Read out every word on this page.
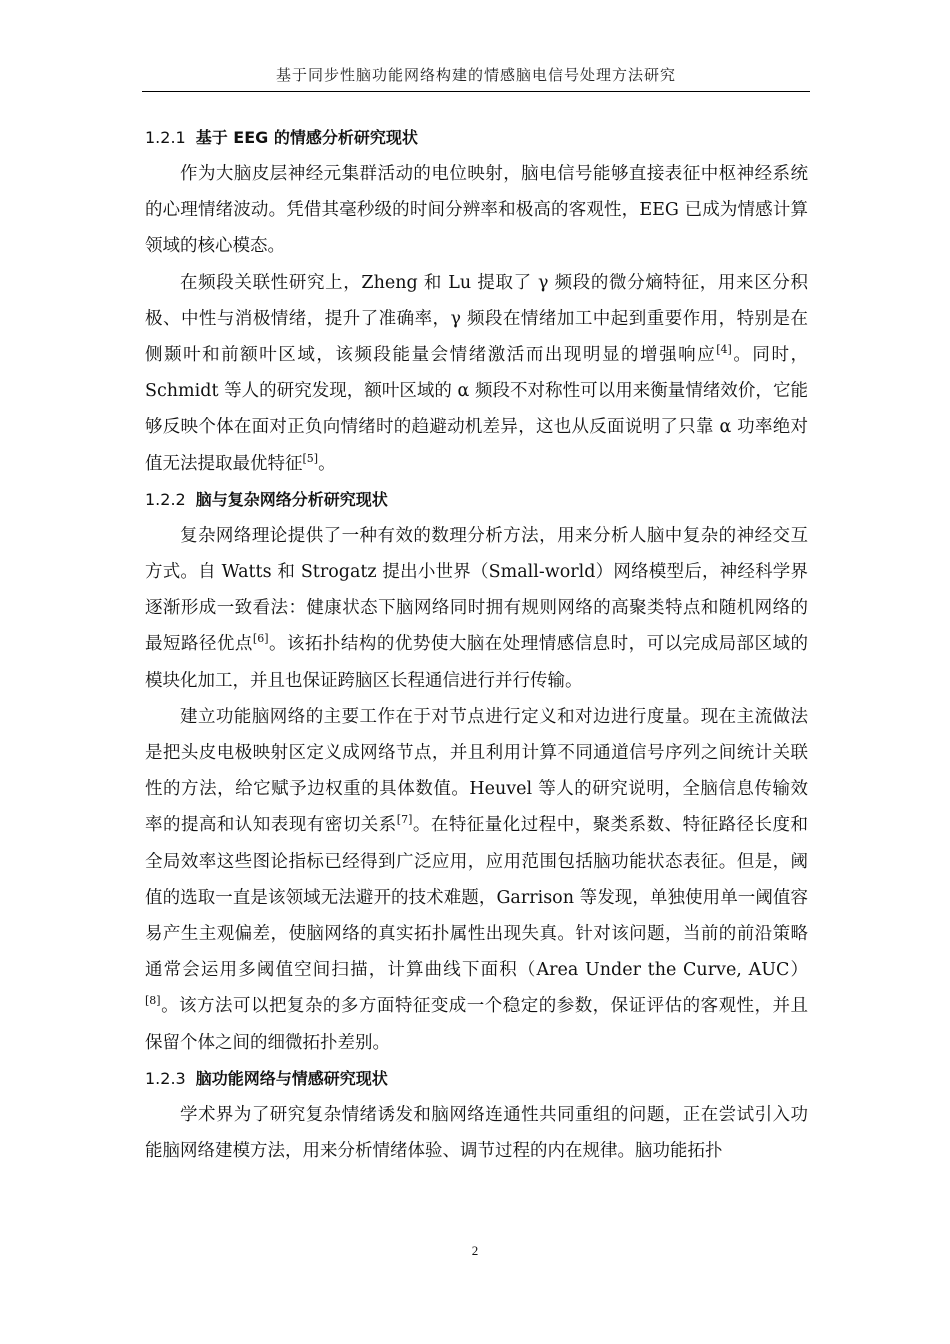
基于同步性脑功能网络构建的情感脑电信号处理方法研究
1.2.1 基于 EEG 的情感分析研究现状

作为大脑皮层神经元集群活动的电位映射，脑电信号能够直接表征中枢神经系统的心理情绪波动。凭借其毫秒级的时间分辨率和极高的客观性，EEG 已成为情感计算领域的核心模态。

在频段关联性研究上，Zheng 和 Lu 提取了 γ 频段的微分熵特征，用来区分积极、中性与消极情绪，提升了准确率，γ 频段在情绪加工中起到重要作用，特别是在侧颞叶和前额叶区域，该频段能量会情绪激活而出现明显的增强响应[4]。同时，Schmidt 等人的研究发现，额叶区域的 α 频段不对称性可以用来衡量情绪效价，它能够反映个体在面对正负向情绪时的趋避动机差异，这也从反面说明了只靠 α 功率绝对值无法提取最优特征[5]。

1.2.2 脑与复杂网络分析研究现状

复杂网络理论提供了一种有效的数理分析方法，用来分析人脑中复杂的神经交互方式。自 Watts 和 Strogatz 提出小世界（Small-world）网络模型后，神经科学界逐渐形成一致看法：健康状态下脑网络同时拥有规则网络的高聚类特点和随机网络的最短路径优点[6]。该拓扑结构的优势使大脑在处理情感信息时，可以完成局部区域的模块化加工，并且也保证跨脑区长程通信进行并行传输。

建立功能脑网络的主要工作在于对节点进行定义和对边进行度量。现在主流做法是把头皮电极映射区定义成网络节点，并且利用计算不同通道信号序列之间统计关联性的方法，给它赋予边权重的具体数值。Heuvel 等人的研究说明，全脑信息传输效率的提高和认知表现有密切关系[7]。在特征量化过程中，聚类系数、特征路径长度和全局效率这些图论指标已经得到广泛应用，应用范围包括脑功能状态表征。但是，阈值的选取一直是该领域无法避开的技术难题，Garrison 等发现，单独使用单一阈值容易产生主观偏差，使脑网络的真实拓扑属性出现失真。针对该问题，当前的前沿策略通常会运用多阈值空间扫描，计算曲线下面积（Area Under the Curve, AUC）[8]。该方法可以把复杂的多方面特征变成一个稳定的参数，保证评估的客观性，并且保留个体之间的细微拓扑差别。

1.2.3 脑功能网络与情感研究现状

学术界为了研究复杂情绪诱发和脑网络连通性共同重组的问题，正在尝试引入功能脑网络建模方法，用来分析情绪体验、调节过程的内在规律。脑功能拓扑

2
